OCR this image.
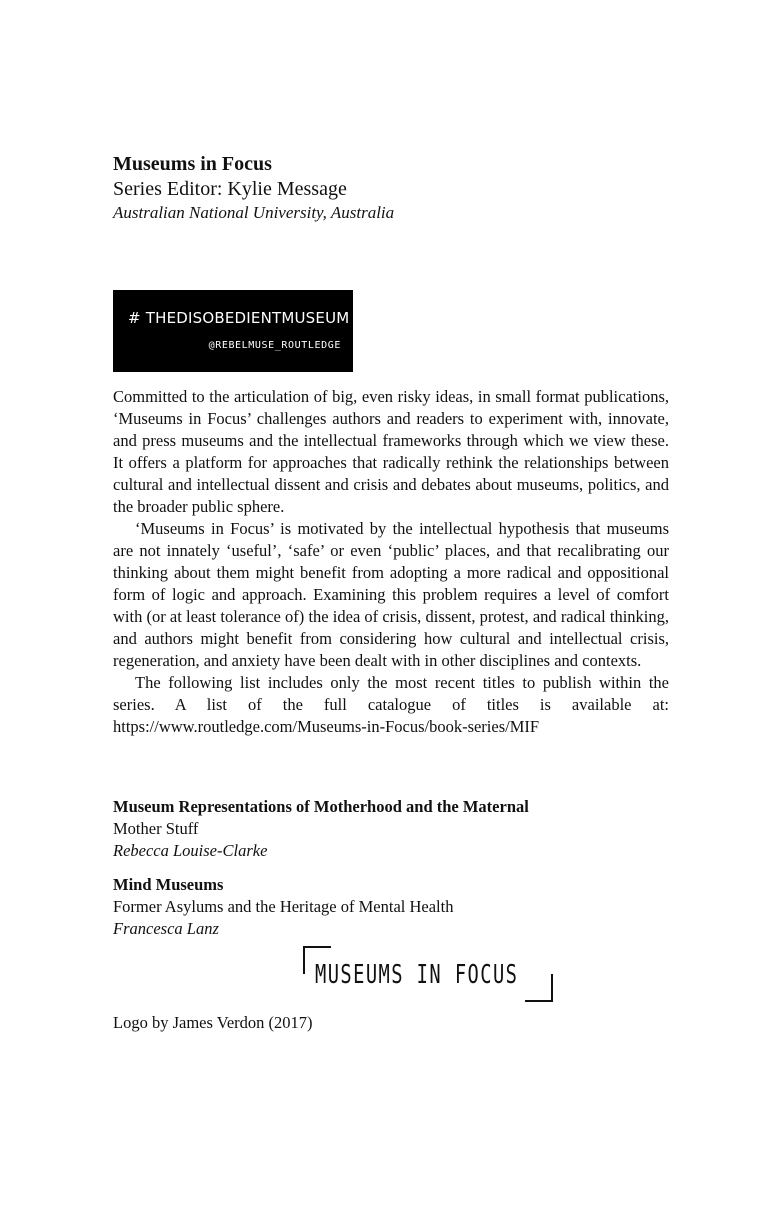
Museums in Focus
Series Editor: Kylie Message
Australian National University, Australia
# THEDISOBEDIENTMUSEUM
@REBELMUSE_ROUTLEDGE

Committed to the articulation of big, even risky ideas, in small format publications, ‘Museums in Focus’ challenges authors and readers to experiment with, innovate, and press museums and the intellectual frameworks through which we view these. It offers a platform for approaches that radically rethink the relationships between cultural and intellectual dissent and crisis and debates about museums, politics, and the broader public sphere.

‘Museums in Focus’ is motivated by the intellectual hypothesis that museums are not innately ‘useful’, ‘safe’ or even ‘public’ places, and that recalibrating our thinking about them might benefit from adopting a more radical and oppositional form of logic and approach. Examining this problem requires a level of comfort with (or at least tolerance of) the idea of crisis, dissent, protest, and radical thinking, and authors might benefit from considering how cultural and intellectual crisis, regeneration, and anxiety have been dealt with in other disciplines and contexts.

The following list includes only the most recent titles to publish within the series. A list of the full catalogue of titles is available at: https://www.routledge.com/Museums-in-Focus/book-series/MIF

Museum Representations of Motherhood and the Maternal
Mother Stuff
Rebecca Louise-Clarke
Mind Museums
Former Asylums and the Heritage of Mental Health
Francesca Lanz
MUSEUMS IN FOCUS
Logo by James Verdon (2017)
